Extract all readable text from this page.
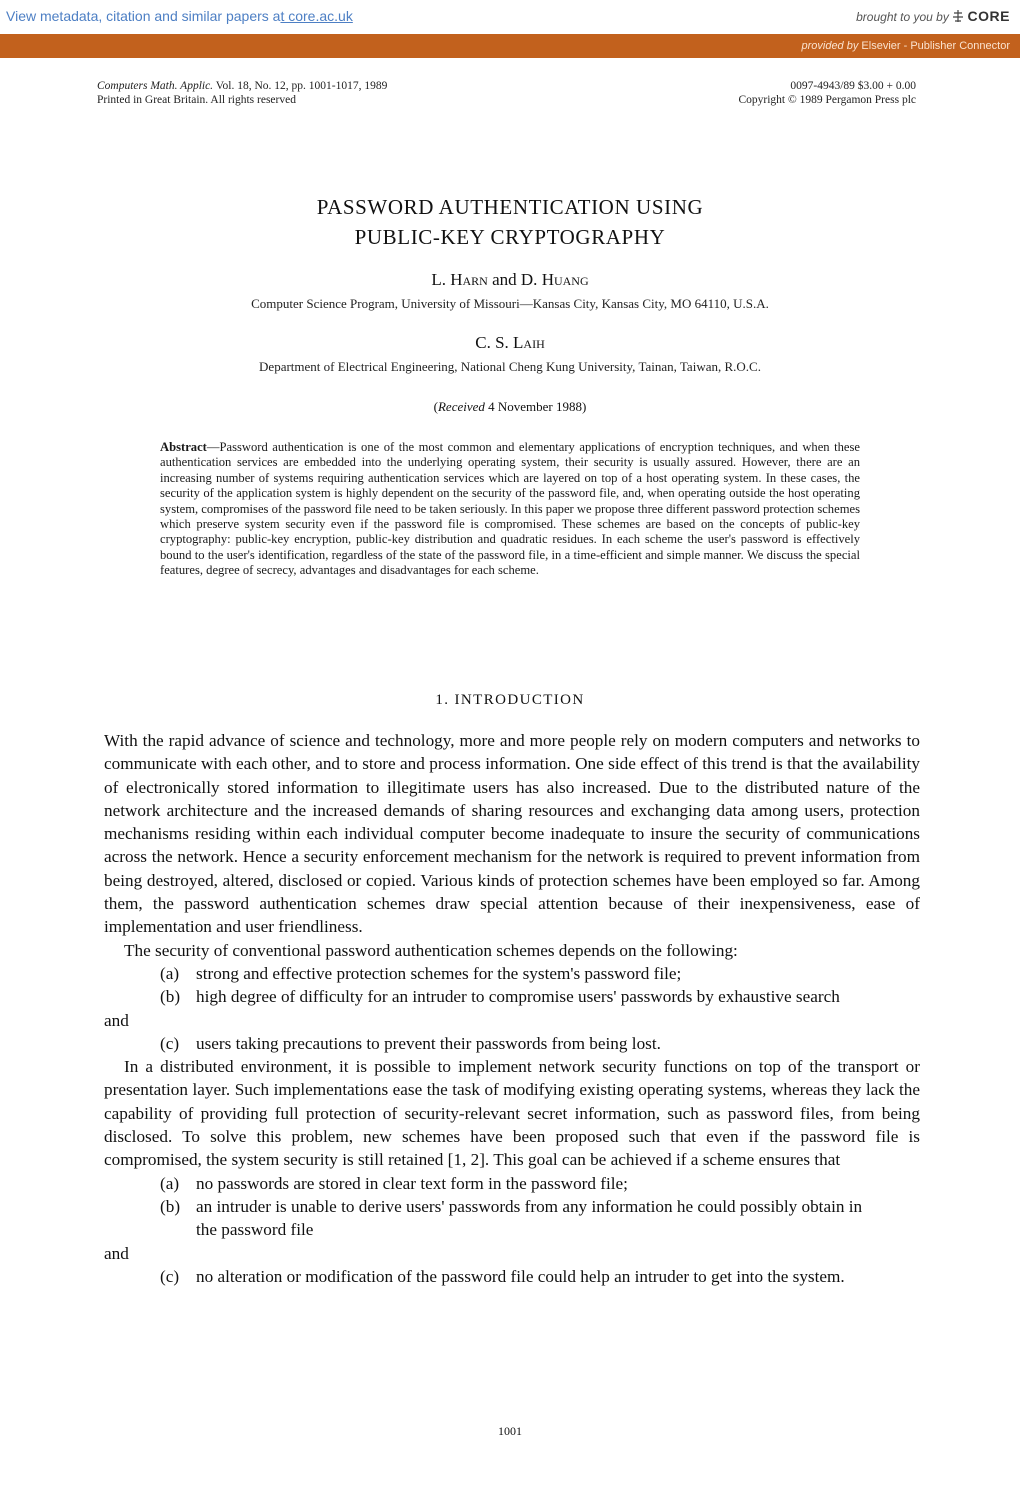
View metadata, citation and similar papers at core.ac.uk	brought to you by CORE
provided by Elsevier - Publisher Connector
Computers Math. Applic. Vol. 18, No. 12, pp. 1001-1017, 1989
Printed in Great Britain. All rights reserved
0097-4943/89 $3.00 + 0.00
Copyright © 1989 Pergamon Press plc
PASSWORD AUTHENTICATION USING
PUBLIC-KEY CRYPTOGRAPHY
L. Harn and D. Huang
Computer Science Program, University of Missouri—Kansas City, Kansas City, MO 64110, U.S.A.
C. S. Laih
Department of Electrical Engineering, National Cheng Kung University, Tainan, Taiwan, R.O.C.
(Received 4 November 1988)
Abstract—Password authentication is one of the most common and elementary applications of encryption techniques, and when these authentication services are embedded into the underlying operating system, their security is usually assured. However, there are an increasing number of systems requiring authentication services which are layered on top of a host operating system. In these cases, the security of the application system is highly dependent on the security of the password file, and, when operating outside the host operating system, compromises of the password file need to be taken seriously. In this paper we propose three different password protection schemes which preserve system security even if the password file is compromised. These schemes are based on the concepts of public-key cryptography: public-key encryption, public-key distribution and quadratic residues. In each scheme the user's password is effectively bound to the user's identification, regardless of the state of the password file, in a time-efficient and simple manner. We discuss the special features, degree of secrecy, advantages and disadvantages for each scheme.
1. INTRODUCTION

With the rapid advance of science and technology, more and more people rely on modern computers and networks to communicate with each other, and to store and process information. One side effect of this trend is that the availability of electronically stored information to illegitimate users has also increased. Due to the distributed nature of the network architecture and the increased demands of sharing resources and exchanging data among users, protection mechanisms residing within each individual computer become inadequate to insure the security of communications across the network. Hence a security enforcement mechanism for the network is required to prevent information from being destroyed, altered, disclosed or copied. Various kinds of protection schemes have been employed so far. Among them, the password authentication schemes draw special attention because of their inexpensiveness, ease of implementation and user friendliness.

The security of conventional password authentication schemes depends on the following:

(a) strong and effective protection schemes for the system's password file;
(b) high degree of difficulty for an intruder to compromise users' passwords by exhaustive search

and

(c) users taking precautions to prevent their passwords from being lost.

In a distributed environment, it is possible to implement network security functions on top of the transport or presentation layer. Such implementations ease the task of modifying existing operating systems, whereas they lack the capability of providing full protection of security-relevant secret information, such as password files, from being disclosed. To solve this problem, new schemes have been proposed such that even if the password file is compromised, the system security is still retained [1, 2]. This goal can be achieved if a scheme ensures that

(a) no passwords are stored in clear text form in the password file;
(b) an intruder is unable to derive users' passwords from any information he could possibly obtain in the password file

and

(c) no alteration or modification of the password file could help an intruder to get into the system.
1001
